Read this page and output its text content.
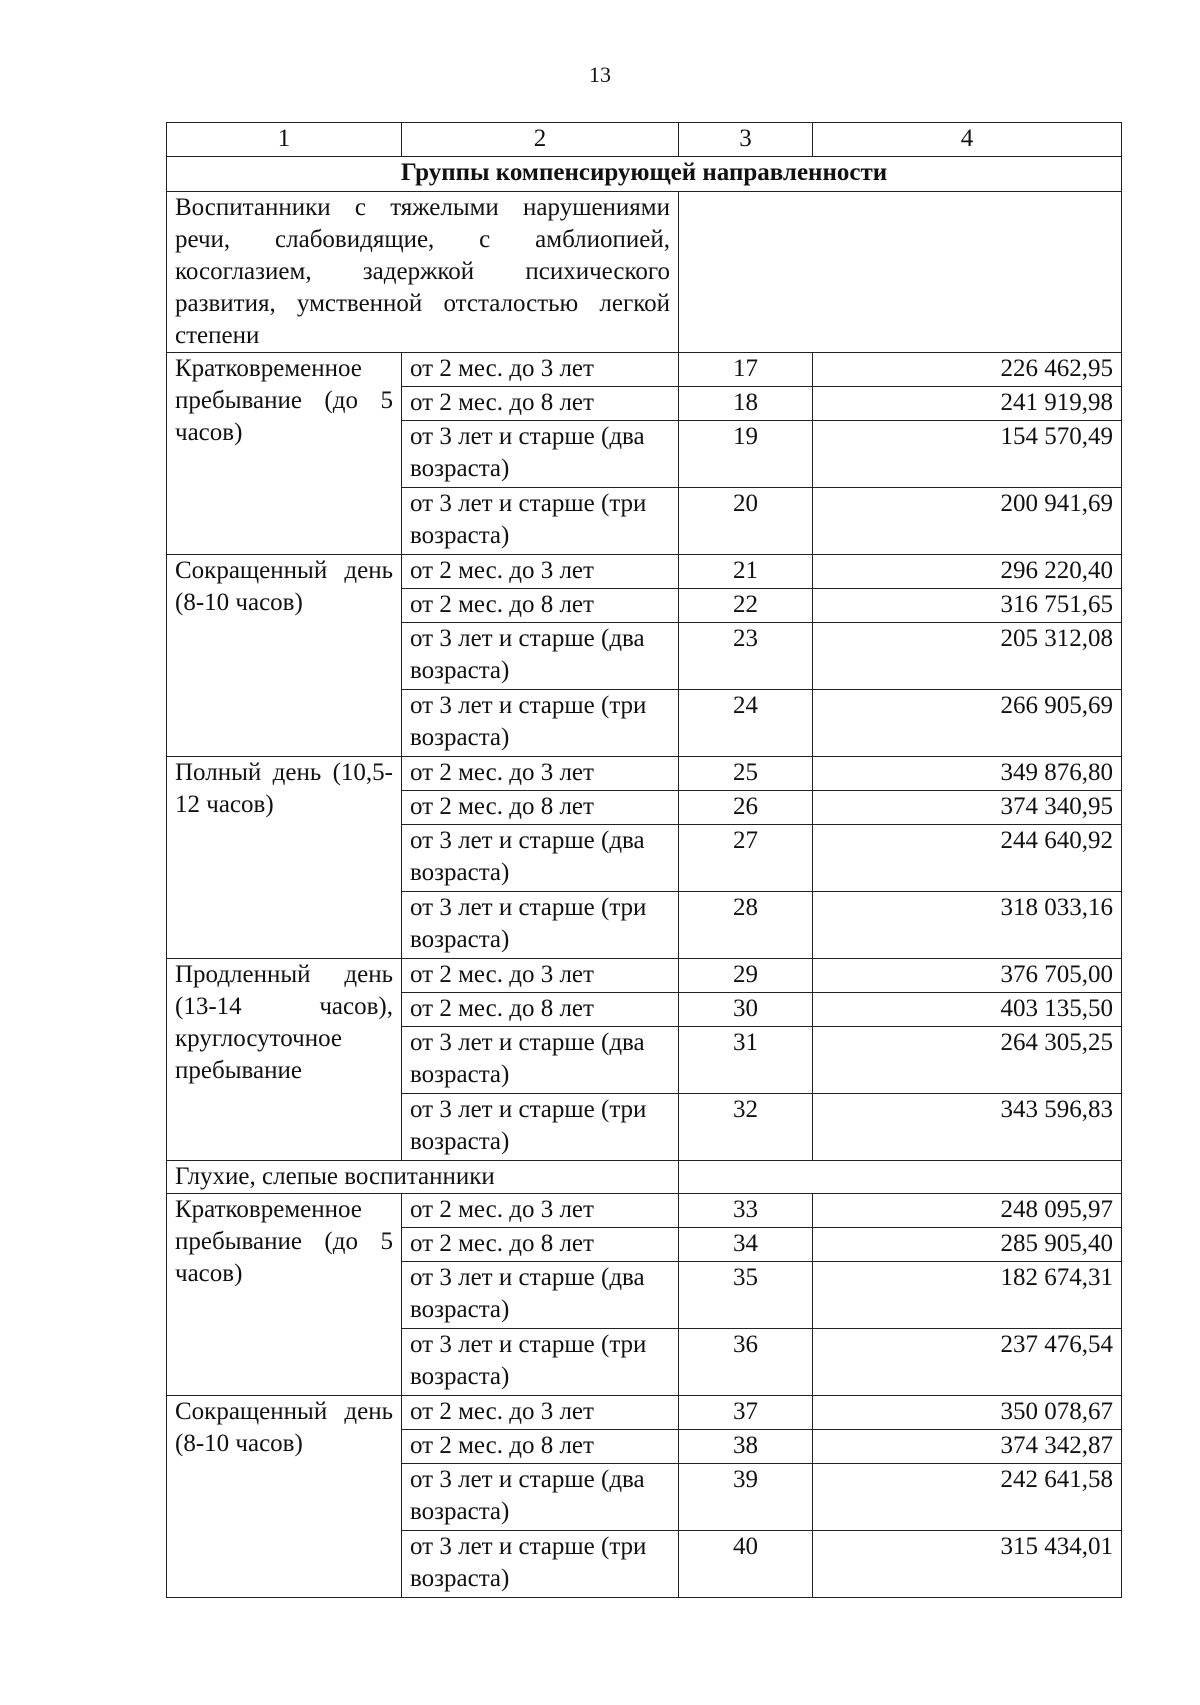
13
1	2	3	4
Группы компенсирующей направленности			

Воспитанники с тяжелыми нарушениями речи, слабовидящие, с амблиопией, косоглазием, задержкой психического развития, умственной отсталостью легкой степени			

Кратковременное пребывание (до 5 часов)	от 2 мес. до 3 лет	17	226 462,95
	от 2 мес. до 8 лет	18	241 919,98
	от 3 лет и старше (два возраста)	19	154 570,49
	от 3 лет и старше (три возраста)	20	200 941,69

Сокращенный день (8-10 часов)	от 2 мес. до 3 лет	21	296 220,40
	от 2 мес. до 8 лет	22	316 751,65
	от 3 лет и старше (два возраста)	23	205 312,08
	от 3 лет и старше (три возраста)	24	266 905,69

Полный день (10,5-12 часов)	от 2 мес. до 3 лет	25	349 876,80
	от 2 мес. до 8 лет	26	374 340,95
	от 3 лет и старше (два возраста)	27	244 640,92
	от 3 лет и старше (три возраста)	28	318 033,16

Продленный день (13-14 часов), круглосуточное пребывание	от 2 мес. до 3 лет	29	376 705,00
	от 2 мес. до 8 лет	30	403 135,50
	от 3 лет и старше (два возраста)	31	264 305,25
	от 3 лет и старше (три возраста)	32	343 596,83

Глухие, слепые воспитанники			

Кратковременное пребывание (до 5 часов)	от 2 мес. до 3 лет	33	248 095,97
	от 2 мес. до 8 лет	34	285 905,40
	от 3 лет и старше (два возраста)	35	182 674,31
	от 3 лет и старше (три возраста)	36	237 476,54

Сокращенный день (8-10 часов)	от 2 мес. до 3 лет	37	350 078,67
	от 2 мес. до 8 лет	38	374 342,87
	от 3 лет и старше (два возраста)	39	242 641,58
	от 3 лет и старше (три возраста)	40	315 434,01
